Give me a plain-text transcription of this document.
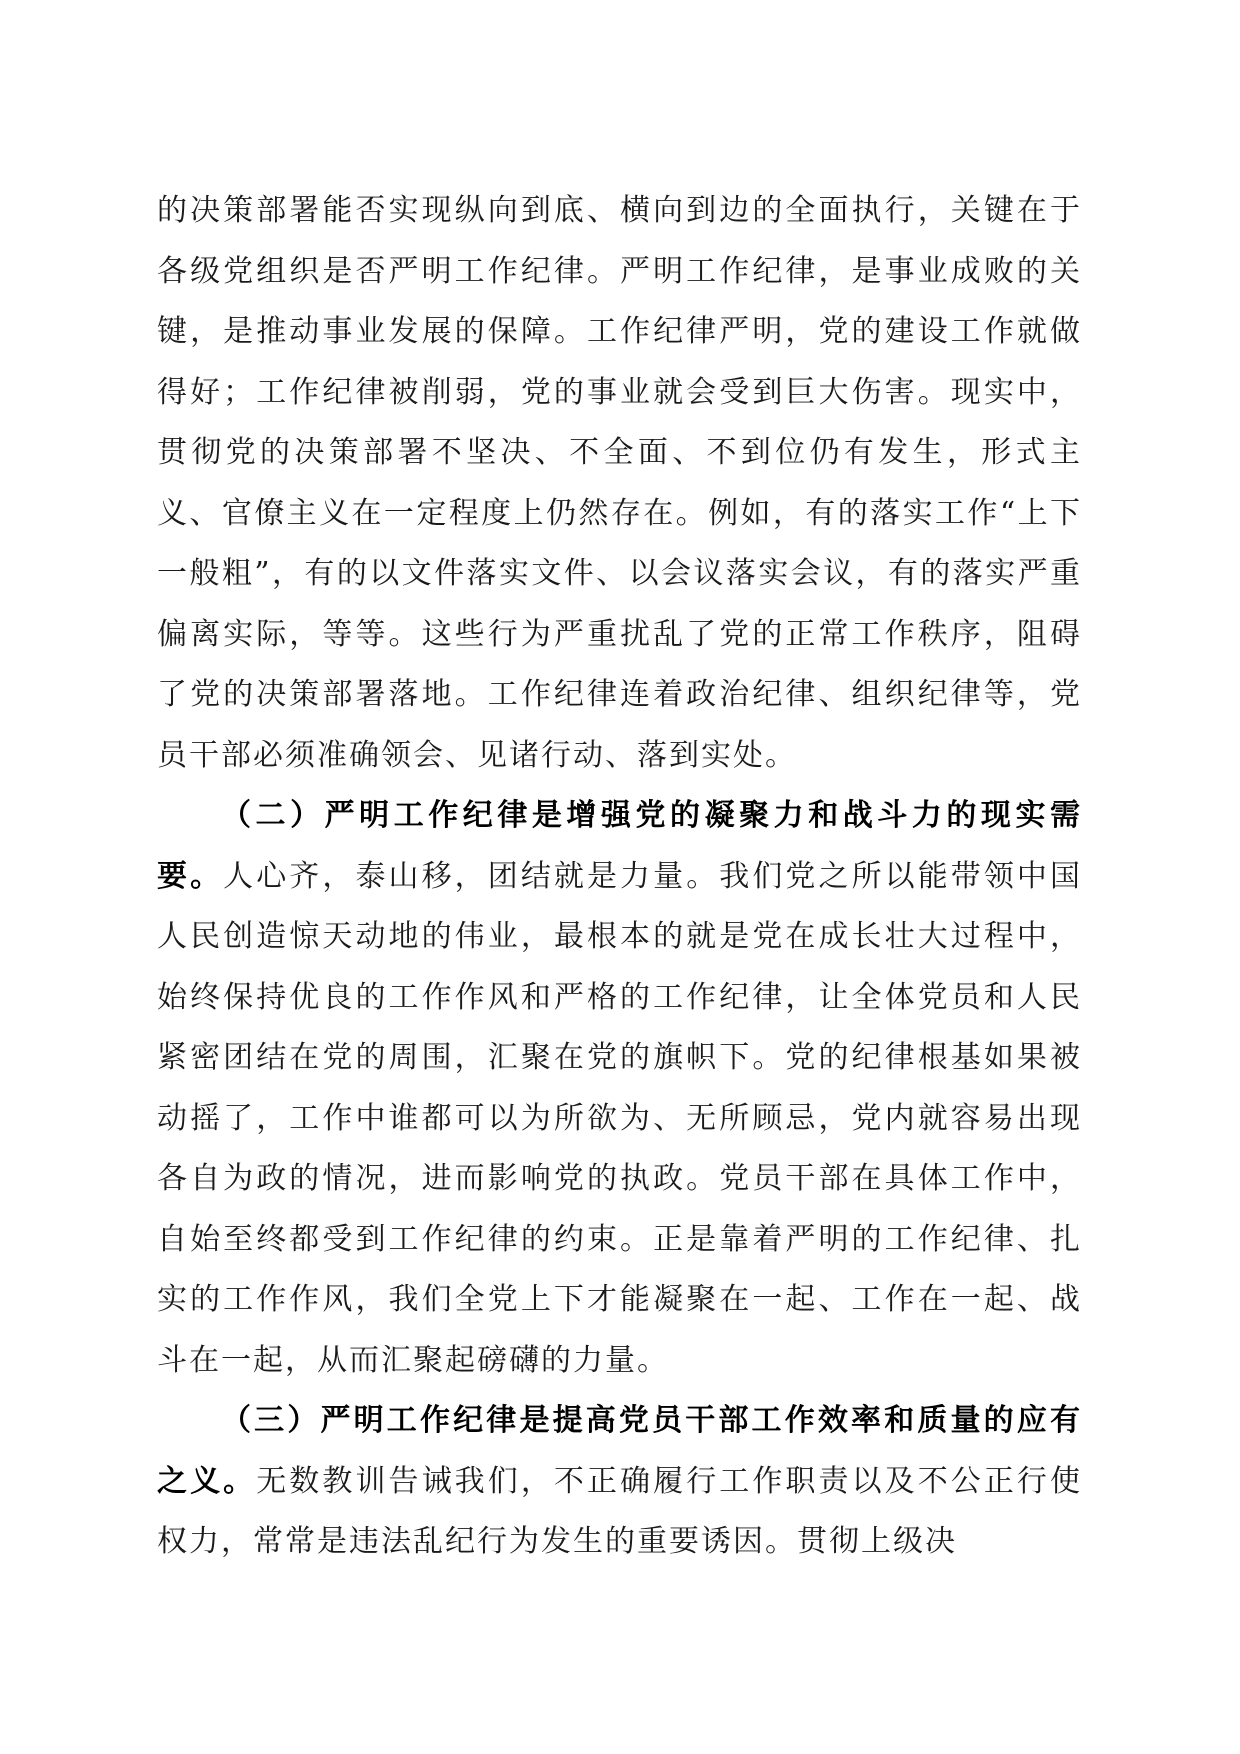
的决策部署能否实现纵向到底、横向到边的全面执行，关键在于各级党组织是否严明工作纪律。严明工作纪律，是事业成败的关键，是推动事业发展的保障。工作纪律严明，党的建设工作就做得好；工作纪律被削弱，党的事业就会受到巨大伤害。现实中，贯彻党的决策部署不坚决、不全面、不到位仍有发生，形式主义、官僚主义在一定程度上仍然存在。例如，有的落实工作“上下一般粗”，有的以文件落实文件、以会议落实会议，有的落实严重偏离实际，等等。这些行为严重扰乱了党的正常工作秩序，阻碍了党的决策部署落地。工作纪律连着政治纪律、组织纪律等，党员干部必须准确领会、见诸行动、落到实处。

（二）严明工作纪律是增强党的凝聚力和战斗力的现实需要。人心齐，泰山移，团结就是力量。我们党之所以能带领中国人民创造惊天动地的伟业，最根本的就是党在成长壮大过程中，始终保持优良的工作作风和严格的工作纪律，让全体党员和人民紧密团结在党的周围，汇聚在党的旗帜下。党的纪律根基如果被动摇了，工作中谁都可以为所欲为、无所顾忌，党内就容易出现各自为政的情况，进而影响党的执政。党员干部在具体工作中，自始至终都受到工作纪律的约束。正是靠着严明的工作纪律、扎实的工作作风，我们全党上下才能凝聚在一起、工作在一起、战斗在一起，从而汇聚起磅礴的力量。

（三）严明工作纪律是提高党员干部工作效率和质量的应有之义。无数教训告诫我们，不正确履行工作职责以及不公正行使权力，常常是违法乱纪行为发生的重要诱因。贯彻上级决
